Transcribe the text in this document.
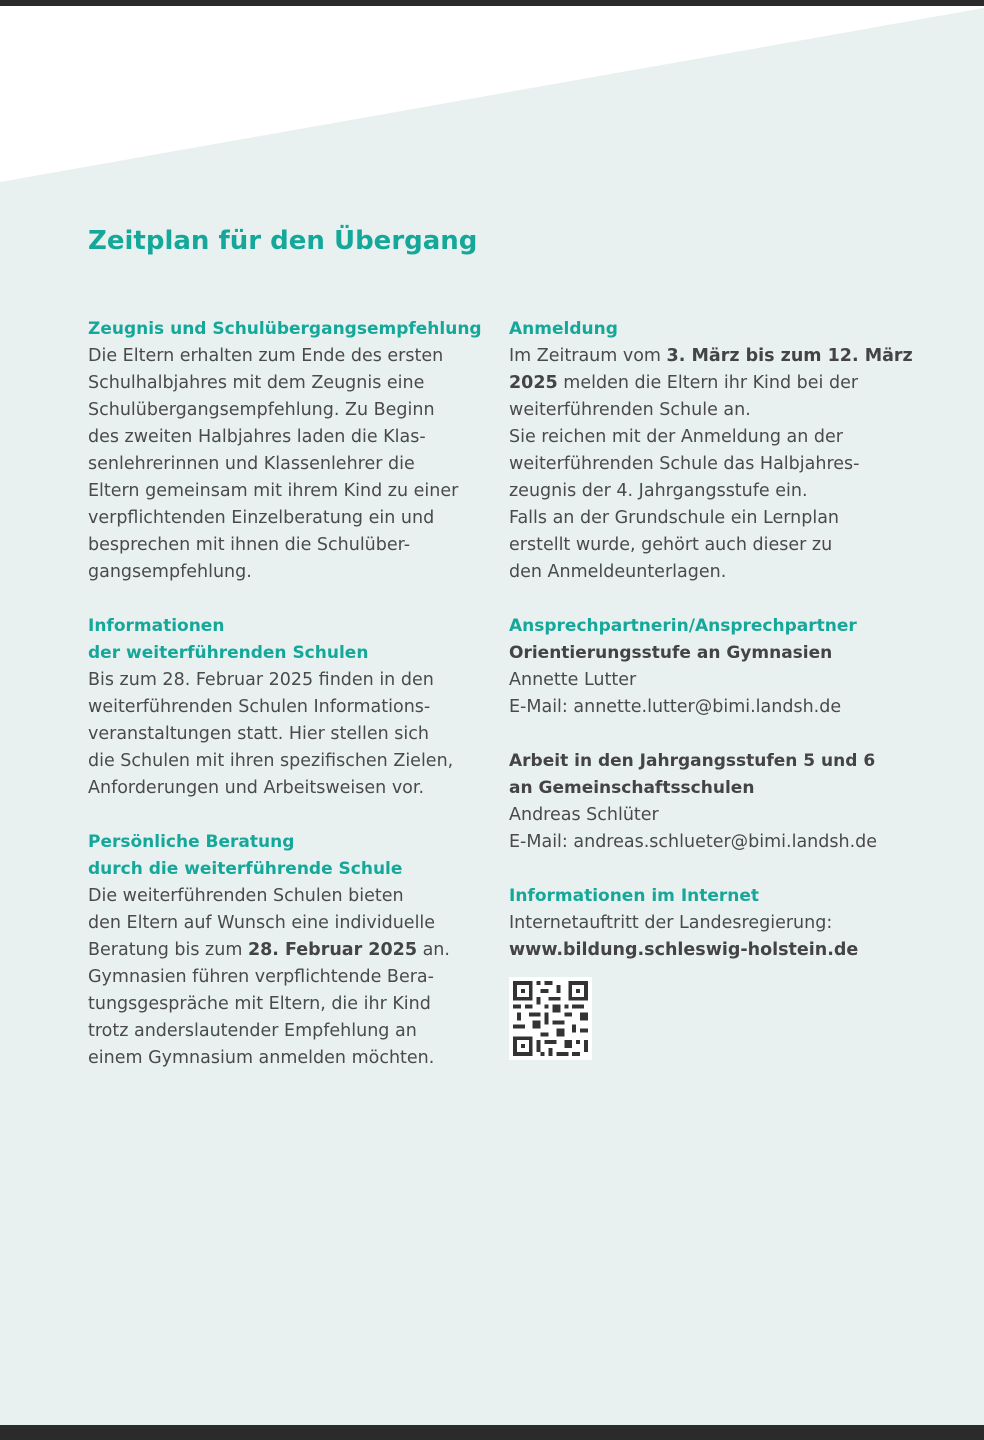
Zeitplan für den Übergang

Zeugnis und Schulübergangsempfehlung

Die Eltern erhalten zum Ende des ersten
Schulhalbjahres mit dem Zeugnis eine
Schulübergangsempfehlung. Zu Beginn
des zweiten Halbjahres laden die Klas-
senlehrerinnen und Klassenlehrer die
Eltern gemeinsam mit ihrem Kind zu einer
verpflichtenden Einzelberatung ein und
besprechen mit ihnen die Schulüber-
gangsempfehlung.

Informationen

der weiterführenden Schulen

Bis zum 28. Februar 2025 finden in den
weiterführenden Schulen Informations-
veranstaltungen statt. Hier stellen sich
die Schulen mit ihren spezifischen Zielen,
Anforderungen und Arbeitsweisen vor.

Persönliche Beratung

durch die weiterführende Schule

Die weiterführenden Schulen bieten
den Eltern auf Wunsch eine individuelle
Beratung bis zum 28. Februar 2025 an.
Gymnasien führen verpflichtende Bera-
tungsgespräche mit Eltern, die ihr Kind
trotz anderslautender Empfehlung an
einem Gymnasium anmelden möchten.

Anmeldung

Im Zeitraum vom 3. März bis zum 12. März
2025 melden die Eltern ihr Kind bei der
weiterführenden Schule an.
Sie reichen mit der Anmeldung an der
weiterführenden Schule das Halbjahres-
zeugnis der 4. Jahrgangsstufe ein.
Falls an der Grundschule ein Lernplan
erstellt wurde, gehört auch dieser zu
den Anmeldeunterlagen.

Ansprechpartnerin/Ansprechpartner

Orientierungsstufe an Gymnasien

Annette Lutter
E-Mail: annette.lutter@bimi.landsh.de

Arbeit in den Jahrgangsstufen 5 und 6

an Gemeinschaftsschulen

Andreas Schlüter
E-Mail: andreas.schlueter@bimi.landsh.de

Informationen im Internet

Internetauftritt der Landesregierung:
www.bildung.schleswig-holstein.de
